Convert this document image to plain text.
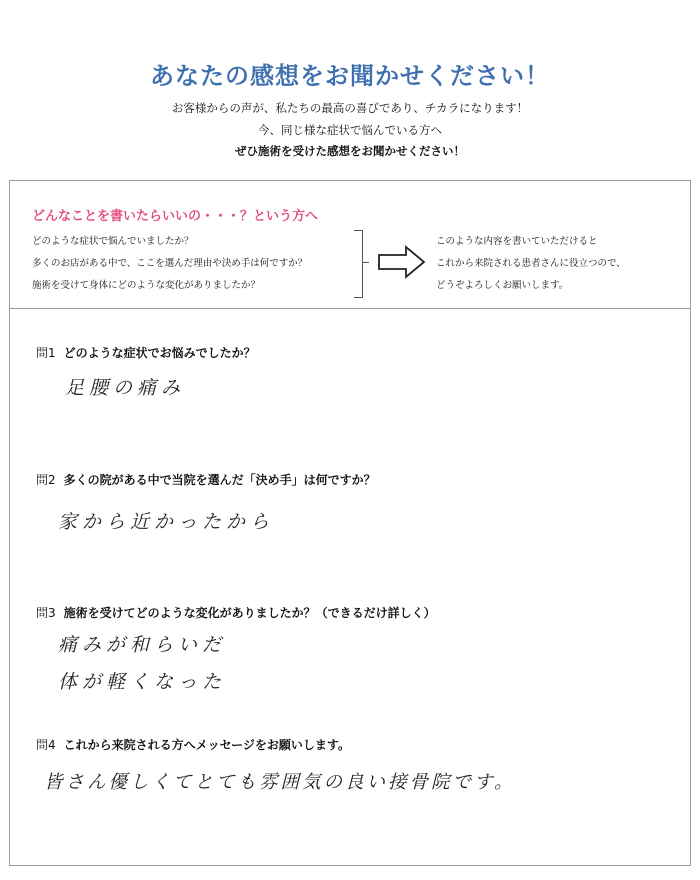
あなたの感想をお聞かせください！
お客様からの声が、私たちの最高の喜びであり、チカラになります！
今、同じ様な症状で悩んでいる方へ
ぜひ施術を受けた感想をお聞かせください！
どんなことを書いたらいいの・・・？という方へ
どのような症状で悩んでいましたか？
多くのお店がある中で、ここを選んだ理由や決め手は何ですか？
施術を受けて身体にどのような変化がありましたか？
このような内容を書いていただけると
これから来院される患者さんに役立つので、
どうぞよろしくお願いします。
問1 どのような症状でお悩みでしたか？
足腰の痛み
問2 多くの院がある中で当院を選んだ「決め手」は何ですか？
家から近かったから
問3 施術を受けてどのような変化がありましたか？（できるだけ詳しく）
痛みが和らいだ
体が軽くなった
問4 これから来院される方へメッセージをお願いします。
皆さん優しくてとても雰囲気の良い接骨院です。
